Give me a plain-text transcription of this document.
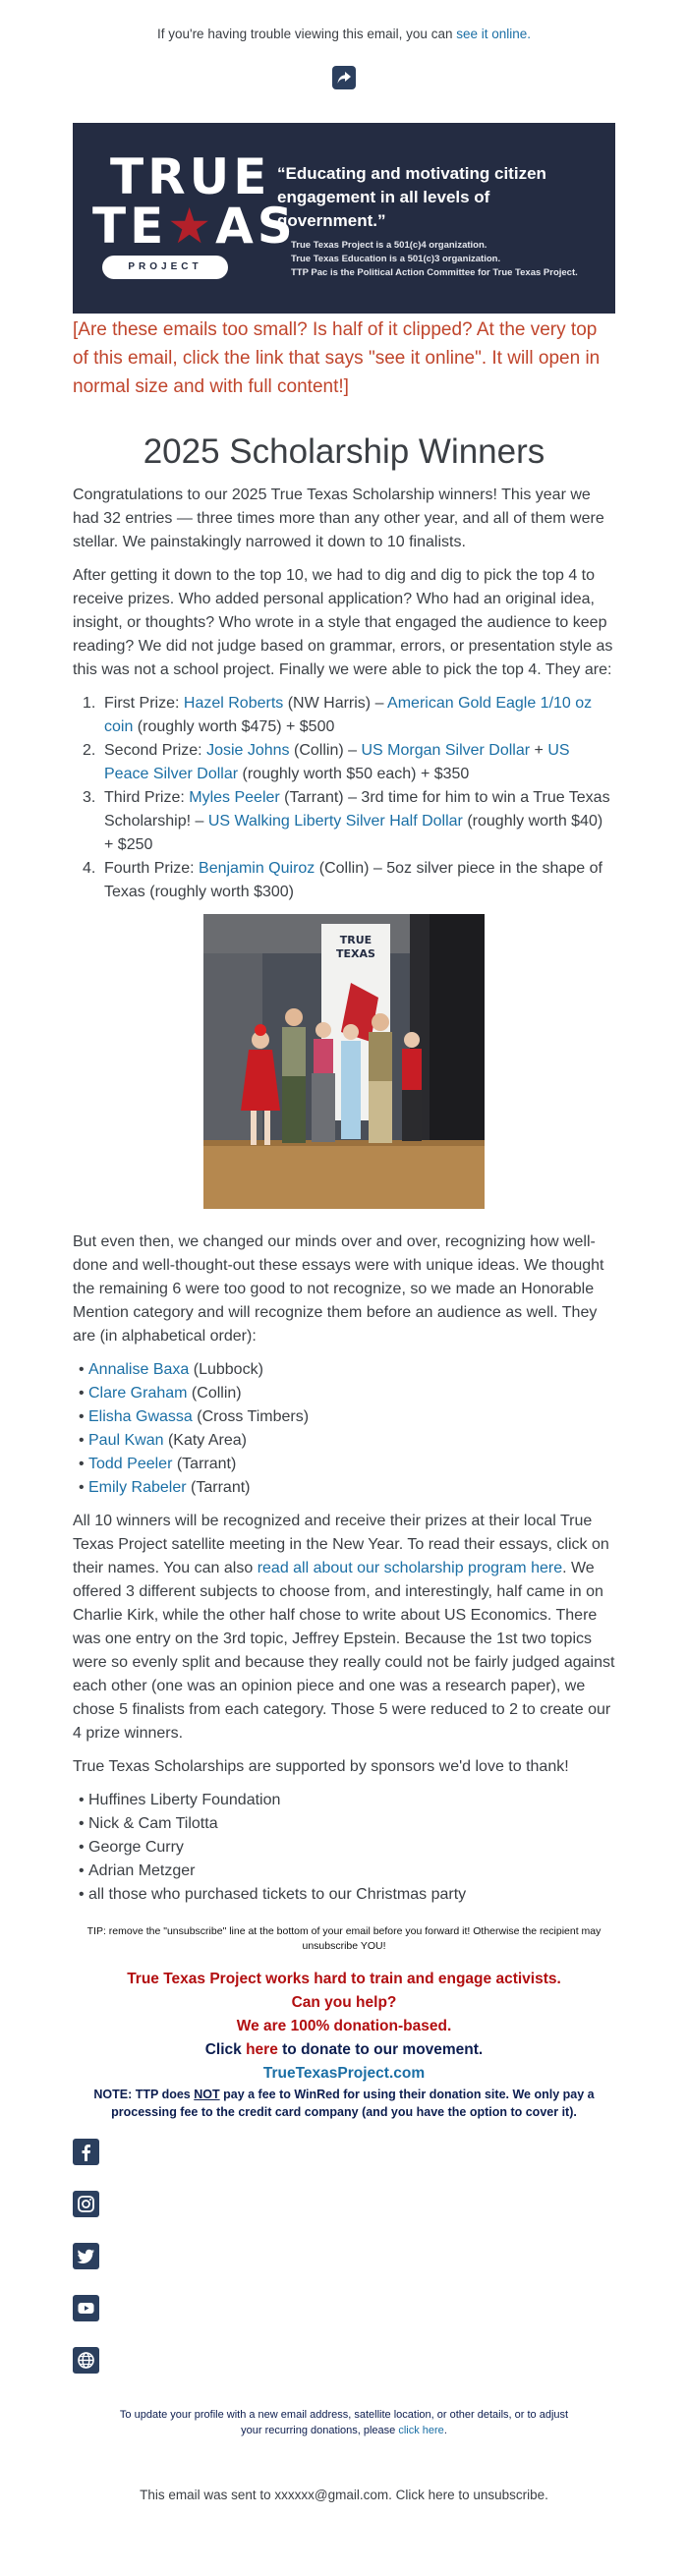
If you're having trouble viewing this email, you can see it online.
TRUE
TE★AS
PROJECT
“Educating and motivating citizen engagement in all levels of government.”
True Texas Project is a 501(c)4 organization.
True Texas Education is a 501(c)3 organization.
TTP Pac is the Political Action Committee for True Texas Project.
[Are these emails too small? Is half of it clipped? At the very top of this email, click the link that says "see it online". It will open in normal size and with full content!]
2025 Scholarship Winners

Congratulations to our 2025 True Texas Scholarship winners! This year we had 32 entries — three times more than any other year, and all of them were stellar. We painstakingly narrowed it down to 10 finalists.

After getting it down to the top 10, we had to dig and dig to pick the top 4 to receive prizes. Who added personal application? Who had an original idea, insight, or thoughts? Who wrote in a style that engaged the audience to keep reading? We did not judge based on grammar, errors, or presentation style as this was not a school project. Finally we were able to pick the top 4. They are:

1. First Prize: Hazel Roberts (NW Harris) – American Gold Eagle 1/10 oz coin (roughly worth $475) + $500
2. Second Prize: Josie Johns (Collin) – US Morgan Silver Dollar + US Peace Silver Dollar (roughly worth $50 each) + $350
3. Third Prize: Myles Peeler (Tarrant) – 3rd time for him to win a True Texas Scholarship! – US Walking Liberty Silver Half Dollar (roughly worth $40) + $250
4. Fourth Prize: Benjamin Quiroz (Collin) – 5oz silver piece in the shape of Texas (roughly worth $300)
TRUE
TEXAS

But even then, we changed our minds over and over, recognizing how well-done and well-thought-out these essays were with unique ideas. We thought the remaining 6 were too good to not recognize, so we made an Honorable Mention category and will recognize them before an audience as well. They are (in alphabetical order):

• Annalise Baxa (Lubbock)
• Clare Graham (Collin)
• Elisha Gwassa (Cross Timbers)
• Paul Kwan (Katy Area)
• Todd Peeler (Tarrant)
• Emily Rabeler (Tarrant)

All 10 winners will be recognized and receive their prizes at their local True Texas Project satellite meeting in the New Year. To read their essays, click on their names. You can also read all about our scholarship program here. We offered 3 different subjects to choose from, and interestingly, half came in on Charlie Kirk, while the other half chose to write about US Economics. There was one entry on the 3rd topic, Jeffrey Epstein. Because the 1st two topics were so evenly split and because they really could not be fairly judged against each other (one was an opinion piece and one was a research paper), we chose 5 finalists from each category. Those 5 were reduced to 2 to create our 4 prize winners.

True Texas Scholarships are supported by sponsors we'd love to thank!

• Huffines Liberty Foundation
• Nick & Cam Tilotta
• George Curry
• Adrian Metzger
• all those who purchased tickets to our Christmas party
TIP: remove the "unsubscribe" line at the bottom of your email before you forward it! Otherwise the recipient may unsubscribe YOU!
True Texas Project works hard to train and engage activists.
Can you help?
We are 100% donation-based.
Click here to donate to our movement.
TrueTexasProject.com
NOTE: TTP does NOT pay a fee to WinRed for using their donation site. We only pay a processing fee to the credit card company (and you have the option to cover it).
To update your profile with a new email address, satellite location, or other details, or to adjust your recurring donations, please click here.
This email was sent to xxxxxx@gmail.com. Click here to unsubscribe.
